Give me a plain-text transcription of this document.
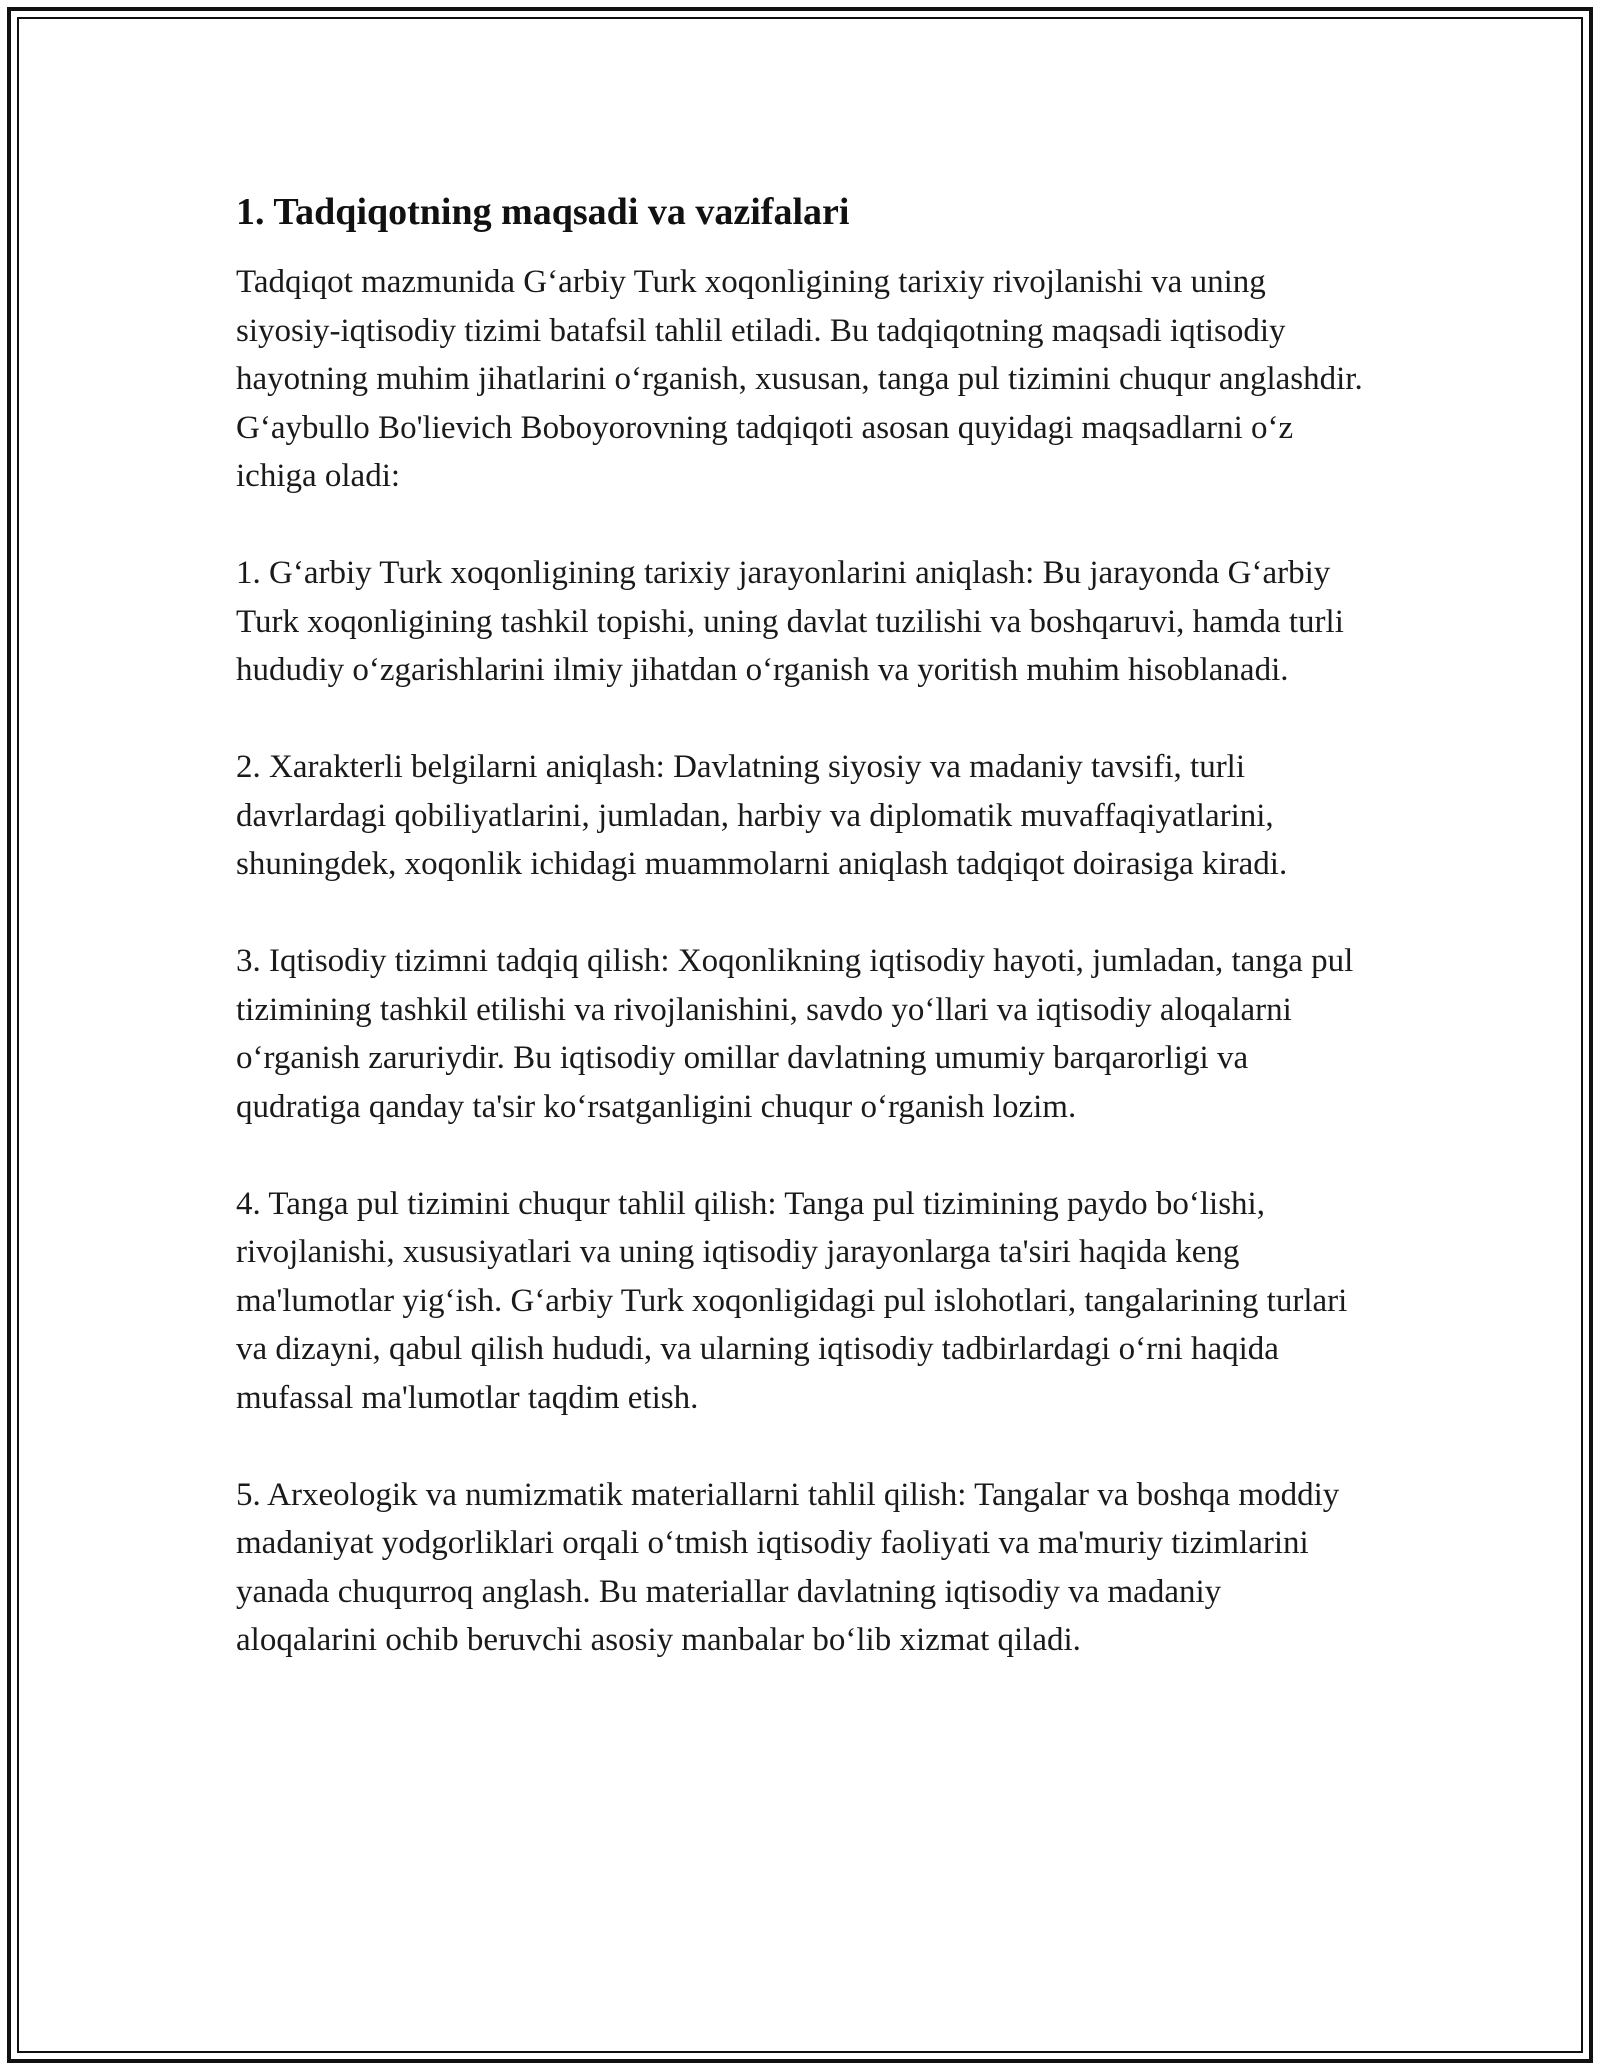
1. Tadqiqotning maqsadi va vazifalari

Tadqiqot mazmunida G‘arbiy Turk xoqonligining tarixiy rivojlanishi va uning siyosiy-iqtisodiy tizimi batafsil tahlil etiladi. Bu tadqiqotning maqsadi iqtisodiy hayotning muhim jihatlarini o‘rganish, xususan, tanga pul tizimini chuqur anglashdir. G‘aybullo Bo'lievich Boboyorovning tadqiqoti asosan quyidagi maqsadlarni o‘z ichiga oladi:

1. G‘arbiy Turk xoqonligining tarixiy jarayonlarini aniqlash: Bu jarayonda G‘arbiy Turk xoqonligining tashkil topishi, uning davlat tuzilishi va boshqaruvi, hamda turli hududiy o‘zgarishlarini ilmiy jihatdan o‘rganish va yoritish muhim hisoblanadi.

2. Xarakterli belgilarni aniqlash: Davlatning siyosiy va madaniy tavsifi, turli davrlardagi qobiliyatlarini, jumladan, harbiy va diplomatik muvaffaqiyatlarini, shuningdek, xoqonlik ichidagi muammolarni aniqlash tadqiqot doirasiga kiradi.

3. Iqtisodiy tizimni tadqiq qilish: Xoqonlikning iqtisodiy hayoti, jumladan, tanga pul tizimining tashkil etilishi va rivojlanishini, savdo yo‘llari va iqtisodiy aloqalarni o‘rganish zaruriydir. Bu iqtisodiy omillar davlatning umumiy barqarorligi va qudratiga qanday ta'sir ko‘rsatganligini chuqur o‘rganish lozim.

4. Tanga pul tizimini chuqur tahlil qilish: Tanga pul tizimining paydo bo‘lishi, rivojlanishi, xususiyatlari va uning iqtisodiy jarayonlarga ta'siri haqida keng ma'lumotlar yig‘ish. G‘arbiy Turk xoqonligidagi pul islohotlari, tangalarining turlari va dizayni, qabul qilish hududi, va ularning iqtisodiy tadbirlardagi o‘rni haqida mufassal ma'lumotlar taqdim etish.

5. Arxeologik va numizmatik materiallarni tahlil qilish: Tangalar va boshqa moddiy madaniyat yodgorliklari orqali o‘tmish iqtisodiy faoliyati va ma'muriy tizimlarini yanada chuqurroq anglash. Bu materiallar davlatning iqtisodiy va madaniy aloqalarini ochib beruvchi asosiy manbalar bo‘lib xizmat qiladi.
